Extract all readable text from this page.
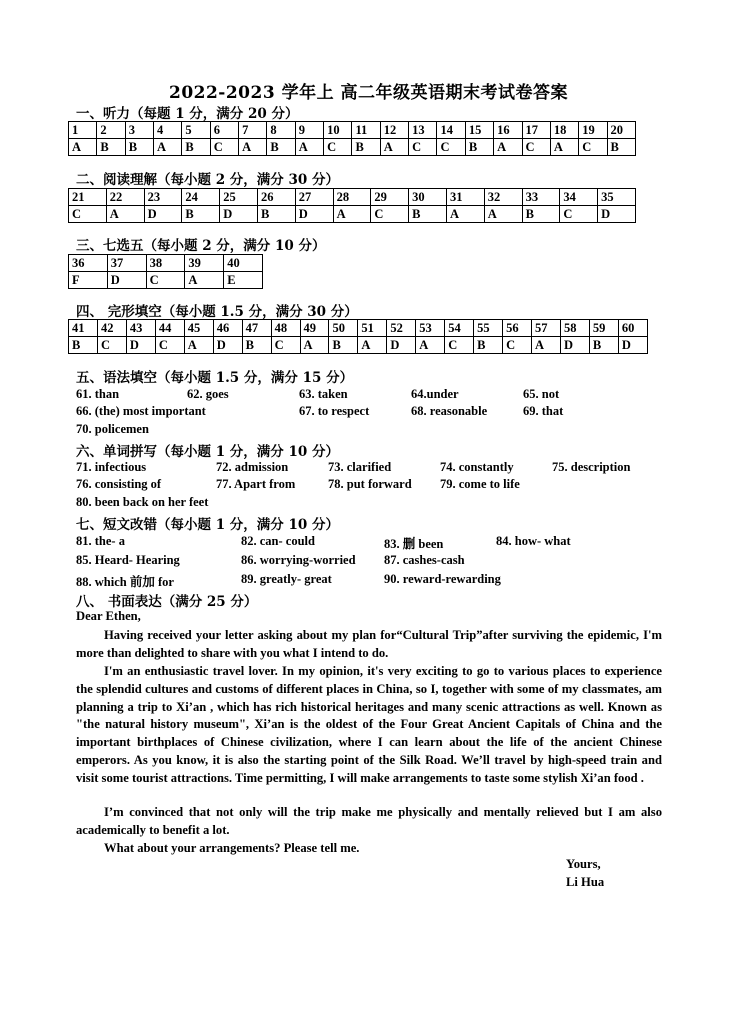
2022-2023 学年上 高二年级英语期末考试卷答案
一、听力（每题 1 分，满分 20 分）
1	2	3	4	5	6	7	8	9	10	11	12	13	14	15	16	17	18	19	20
A	B	B	A	B	C	A	B	A	C	B	A	C	C	B	A	C	A	C	B
二、阅读理解（每小题 2 分，满分 30 分）
21	22	23	24	25	26	27	28	29	30	31	32	33	34	35
C	A	D	B	D	B	D	A	C	B	A	A	B	C	D
三、七选五（每小题 2 分，满分 10 分）
36	37	38	39	40
F	D	C	A	E
四、 完形填空（每小题 1.5 分，满分 30 分）
41	42	43	44	45	46	47	48	49	50	51	52	53	54	55	56	57	58	59	60
B	C	D	C	A	D	B	C	A	B	A	D	A	C	B	C	A	D	B	D
五、语法填空（每小题 1.5 分，满分 15 分）
61. than	62. goes	63. taken	64.under	65. not
66. (the) most important	67. to respect	68. reasonable	69. that
70. policemen
六、单词拼写（每小题 1 分，满分 10 分）
71. infectious	72. admission	73. clarified	74. constantly	75. description
76. consisting of	77. Apart from	78. put forward 79. come to life
80. been back on her feet
七、短文改错（每小题 1 分，满分 10 分）
81. the- a	82. can- could	83. 删 been	84. how- what
85. Heard- Hearing	86. worrying-worried 87. cashes-cash
88. which 前加 for	89. greatly- great	90. reward-rewarding
八、 书面表达（满分 25 分）
Dear Ethen,

Having received your letter asking about my plan for“Cultural Trip”after surviving the epidemic, I'm more than delighted to share with you what I intend to do.

I'm an enthusiastic travel lover. In my opinion, it's very exciting to go to various places to experience the splendid cultures and customs of different places in China, so I, together with some of my classmates, am planning a trip to Xi’an , which has rich historical heritages and many scenic attractions as well. Known as "the natural history museum", Xi’an is the oldest of the Four Great Ancient Capitals of China and the important birthplaces of Chinese civilization, where I can learn about the life of the ancient Chinese emperors. As you know, it is also the starting point of the Silk Road. We’ll travel by high-speed train and visit some tourist attractions. Time permitting, I will make arrangements to taste some stylish Xi’an food .

I’m convinced that not only will the trip make me physically and mentally relieved but I am also academically to benefit a lot.

What about your arrangements? Please tell me.

Yours,
Li Hua
